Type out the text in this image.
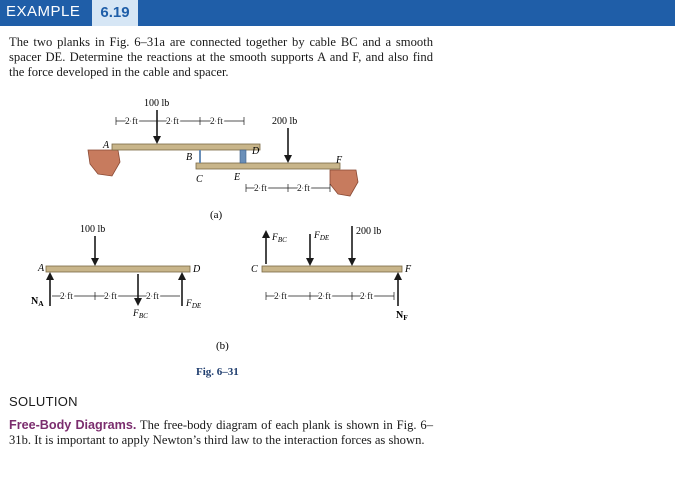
EXAMPLE	6.19

The two planks in Fig. 6–31a are connected together by cable BC and a smooth spacer DE. Determine the reactions at the smooth supports A and F, and also find the force developed in the cable and spacer.

100 lb
200 lb
2 ft	2 ft	2 ft
2 ft	2 ft
A
B
C
D
E
F
(a)
100 lb
$N_A$
A
$F_{BC}$
$F_{DE}$
D
2 ft	2 ft	2 ft
C	F
$F_{BC}$	$F_{DE}$
200 lb
$N_F$
2 ft	2 ft	2 ft
(b)
Fig. 6–31
SOLUTION

Free-Body Diagrams. The free-body diagram of each plank is shown in Fig. 6–31b. It is important to apply Newton’s third law to the interaction forces as shown.
